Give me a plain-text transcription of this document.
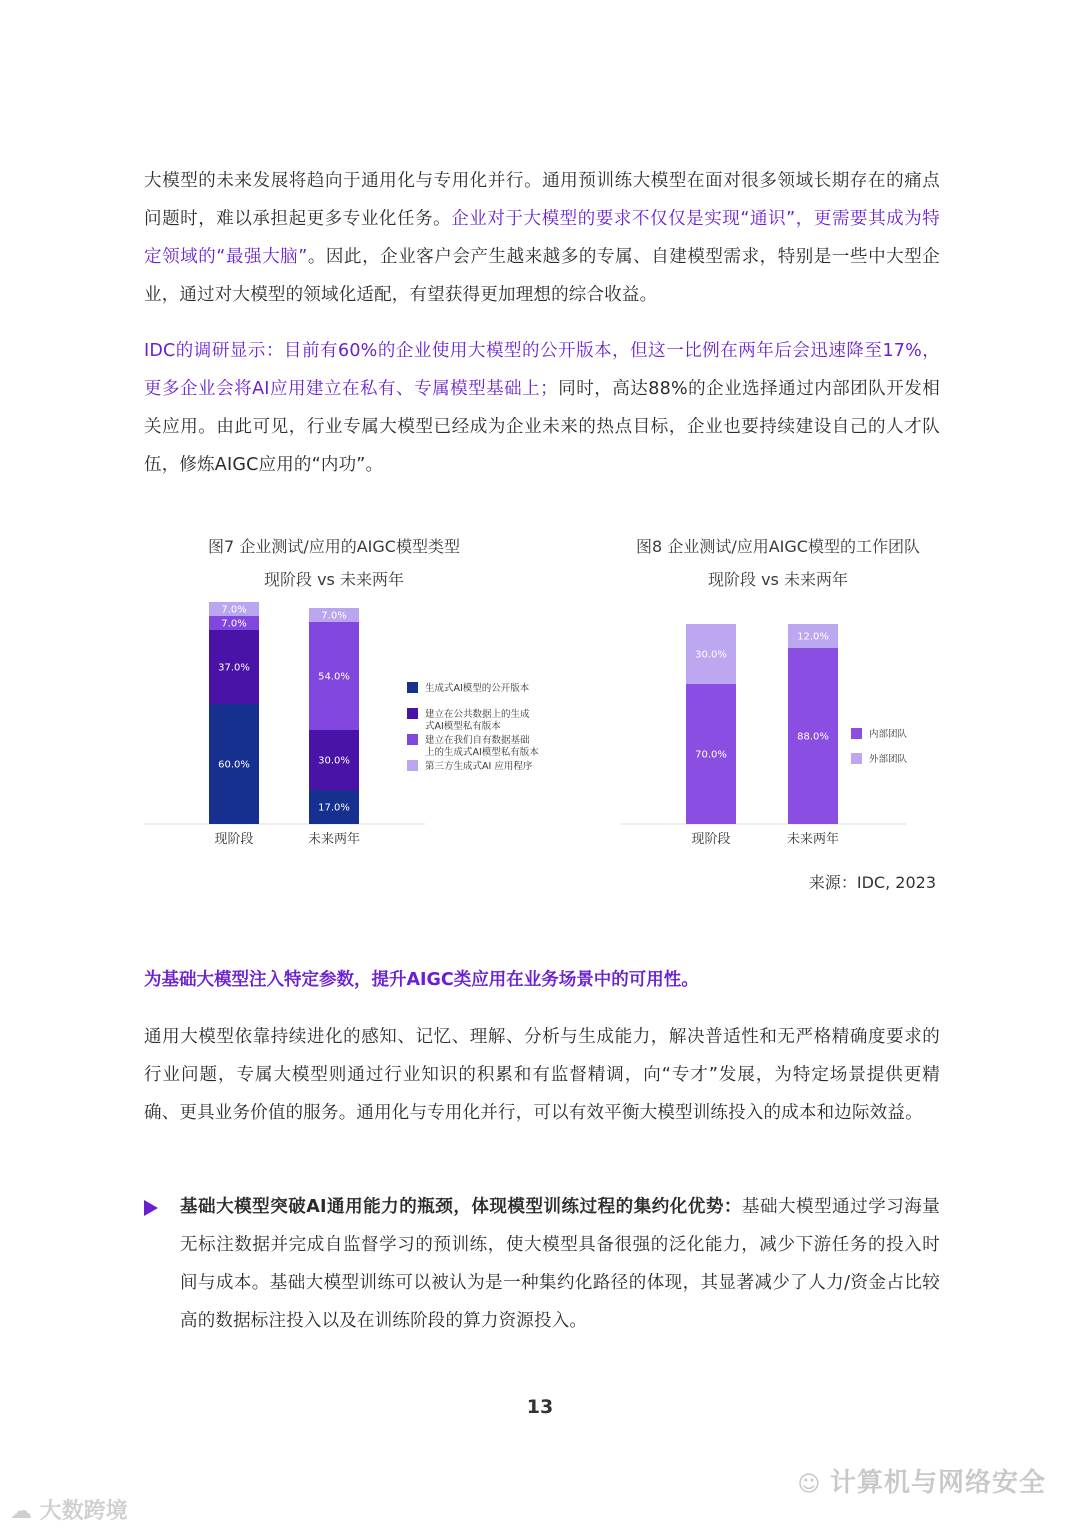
大模型的未来发展将趋向于通用化与专用化并行。通用预训练大模型在面对很多领域长期存在的痛点问题时，难以承担起更多专业化任务。企业对于大模型的要求不仅仅是实现“通识”，更需要其成为特定领域的“最强大脑”。因此，企业客户会产生越来越多的专属、自建模型需求，特别是一些中大型企业，通过对大模型的领域化适配，有望获得更加理想的综合收益。

IDC的调研显示：目前有60%的企业使用大模型的公开版本，但这一比例在两年后会迅速降至17%，更多企业会将AI应用建立在私有、专属模型基础上；同时，高达88%的企业选择通过内部团队开发相关应用。由此可见，行业专属大模型已经成为企业未来的热点目标，企业也要持续建设自己的人才队伍，修炼AIGC应用的“内功”。

图7 企业测试/应用的AIGC模型类型
现阶段 vs 未来两年
图8 企业测试/应用AIGC模型的工作团队
现阶段 vs 未来两年
60.0%
37.0%
7.0%
7.0%
现阶段
17.0%
30.0%
54.0%
7.0%
未来两年
生成式AI模型的公开版本
建立在公共数据上的生成
式AI模型私有版本
建立在我们自有数据基础
上的生成式AI模型私有版本
第三方生成式AI 应用程序
70.0%
30.0%
现阶段
88.0%
12.0%
未来两年
内部团队
外部团队
来源：IDC, 2023
为基础大模型注入特定参数，提升AIGC类应用在业务场景中的可用性。

通用大模型依靠持续进化的感知、记忆、理解、分析与生成能力，解决普适性和无严格精确度要求的行业问题，专属大模型则通过行业知识的积累和有监督精调，向“专才”发展，为特定场景提供更精确、更具业务价值的服务。通用化与专用化并行，可以有效平衡大模型训练投入的成本和边际效益。

基础大模型突破AI通用能力的瓶颈，体现模型训练过程的集约化优势：基础大模型通过学习海量无标注数据并完成自监督学习的预训练，使大模型具备很强的泛化能力，减少下游任务的投入时间与成本。基础大模型训练可以被认为是一种集约化路径的体现，其显著减少了人力/资金占比较高的数据标注投入以及在训练阶段的算力资源投入。

13
☺ 计算机与网络安全
☁ 大数跨境
